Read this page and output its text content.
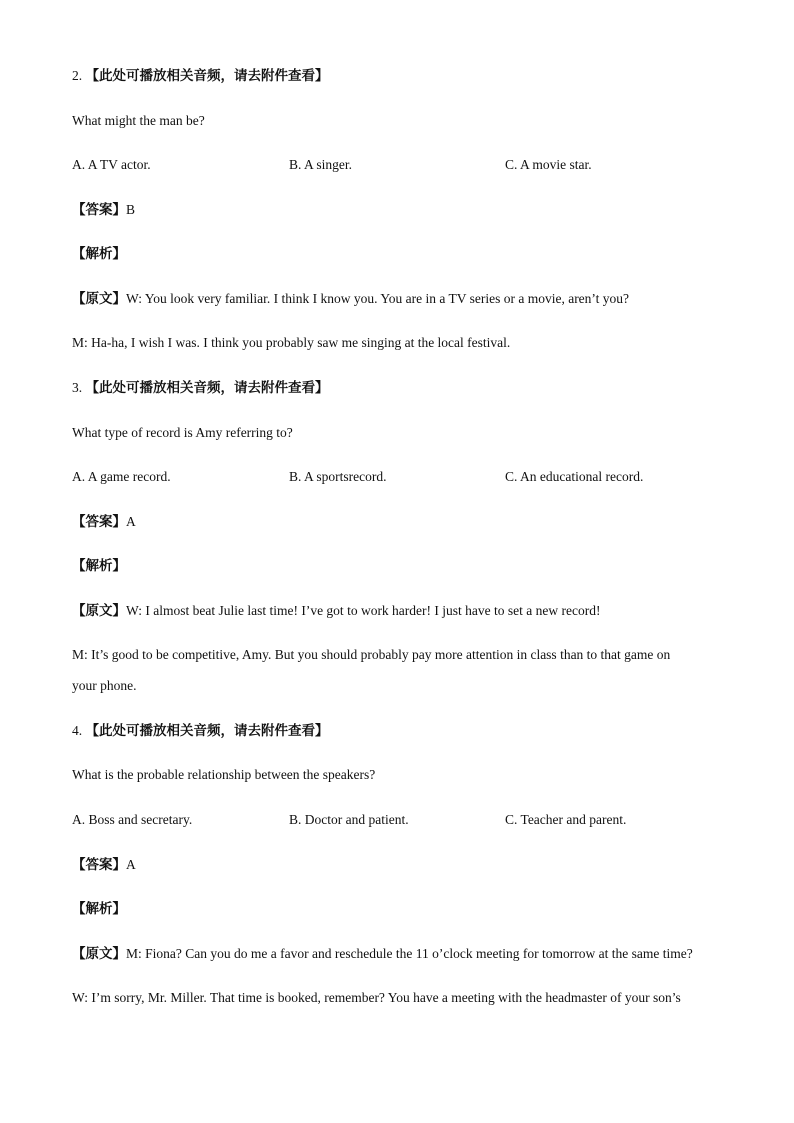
2. 【此处可播放相关音频，请去附件查看】
What might the man be?
A. A TV actor.	B. A singer.	C. A movie star.
【答案】B
【解析】
【原文】W: You look very familiar. I think I know you. You are in a TV series or a movie, aren’t you?
M: Ha-ha, I wish I was. I think you probably saw me singing at the local festival.
3. 【此处可播放相关音频，请去附件查看】
What type of record is Amy referring to?
A. A game record.	B. A sportsrecord.	C. An educational record.
【答案】A
【解析】
【原文】W: I almost beat Julie last time! I’ve got to work harder! I just have to set a new record!
M: It’s good to be competitive, Amy. But you should probably pay more attention in class than to that game on
your phone.
4. 【此处可播放相关音频，请去附件查看】
What is the probable relationship between the speakers?
A. Boss and secretary.	B. Doctor and patient.	C. Teacher and parent.
【答案】A
【解析】
【原文】M: Fiona? Can you do me a favor and reschedule the 11 o’clock meeting for tomorrow at the same time?
W: I’m sorry, Mr. Miller. That time is booked, remember? You have a meeting with the headmaster of your son’s
